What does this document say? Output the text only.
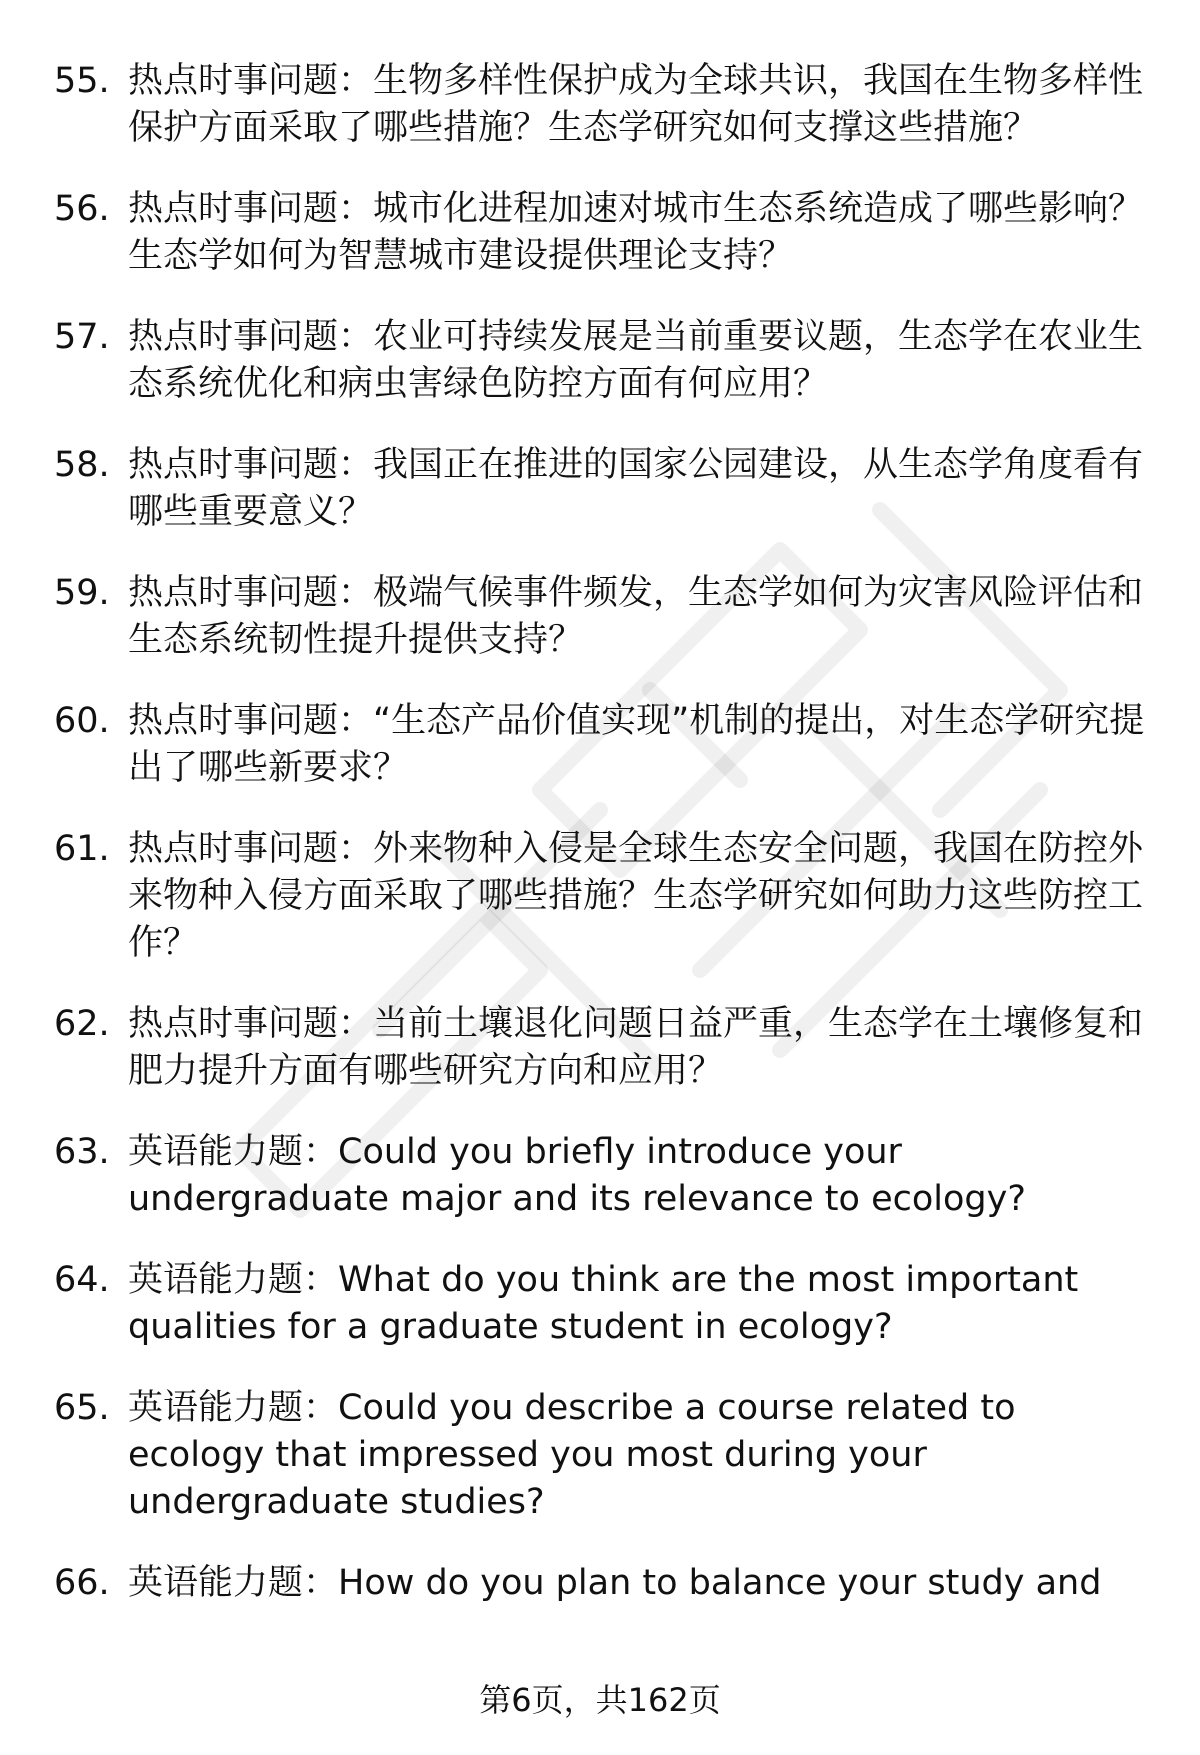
55. 热点时事问题：生物多样性保护成为全球共识，我国在生物多样性保护方面采取了哪些措施？生态学研究如何支撑这些措施？
56. 热点时事问题：城市化进程加速对城市生态系统造成了哪些影响？生态学如何为智慧城市建设提供理论支持？
57. 热点时事问题：农业可持续发展是当前重要议题，生态学在农业生态系统优化和病虫害绿色防控方面有何应用？
58. 热点时事问题：我国正在推进的国家公园建设，从生态学角度看有哪些重要意义？
59. 热点时事问题：极端气候事件频发，生态学如何为灾害风险评估和生态系统韧性提升提供支持？
60. 热点时事问题：“生态产品价值实现”机制的提出，对生态学研究提出了哪些新要求？
61. 热点时事问题：外来物种入侵是全球生态安全问题，我国在防控外来物种入侵方面采取了哪些措施？生态学研究如何助力这些防控工作？
62. 热点时事问题：当前土壤退化问题日益严重，生态学在土壤修复和肥力提升方面有哪些研究方向和应用？
63. 英语能力题：Could you briefly introduce your undergraduate major and its relevance to ecology?
64. 英语能力题：What do you think are the most important qualities for a graduate student in ecology?
65. 英语能力题：Could you describe a course related to ecology that impressed you most during your undergraduate studies?
66. 英语能力题：How do you plan to balance your study and
第6页，共162页
